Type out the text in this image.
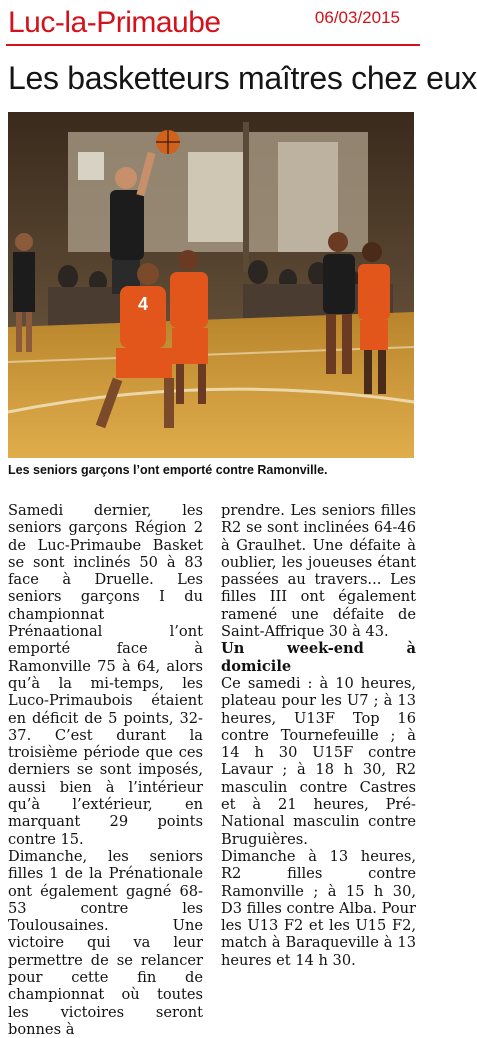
Luc-la-Primaube	06/03/2015
Les basketteurs maîtres chez eux
4
Les seniors garçons l’ont emporté contre Ramonville.

Samedi dernier, les seniors garçons Région 2 de Luc-Primaube Basket se sont inclinés 50 à 83 face à Druelle. Les seniors garçons I du championnat Prénaational l’ont emporté face à Ramonville 75 à 64, alors qu’à la mi-temps, les Luco-Primaubois étaient en déficit de 5 points, 32-37. C’est durant la troisième période que ces derniers se sont imposés, aussi bien à l’intérieur qu’à l’extérieur, en marquant 29 points contre 15.

Dimanche, les seniors filles 1 de la Prénationale ont également gagné 68-53 contre les Toulousaines. Une victoire qui va leur permettre de se relancer pour cette fin de championnat où toutes les victoires seront bonnes à

prendre. Les seniors filles R2 se sont inclinées 64-46 à Graulhet. Une défaite à oublier, les joueuses étant passées au travers... Les filles III ont également ramené une défaite de Saint-Affrique 30 à 43.

Un week-end à domicile

Ce samedi : à 10 heures, plateau pour les U7 ; à 13 heures, U13F Top 16 contre Tournefeuille ; à 14 h 30 U15F contre Lavaur ; à 18 h 30, R2 masculin contre Castres et à 21 heures, Pré-National masculin contre Bruguières.

Dimanche à 13 heures, R2 filles contre Ramonville ; à 15 h 30, D3 filles contre Alba. Pour les U13 F2 et les U15 F2, match à Baraqueville à 13 heures et 14 h 30.
